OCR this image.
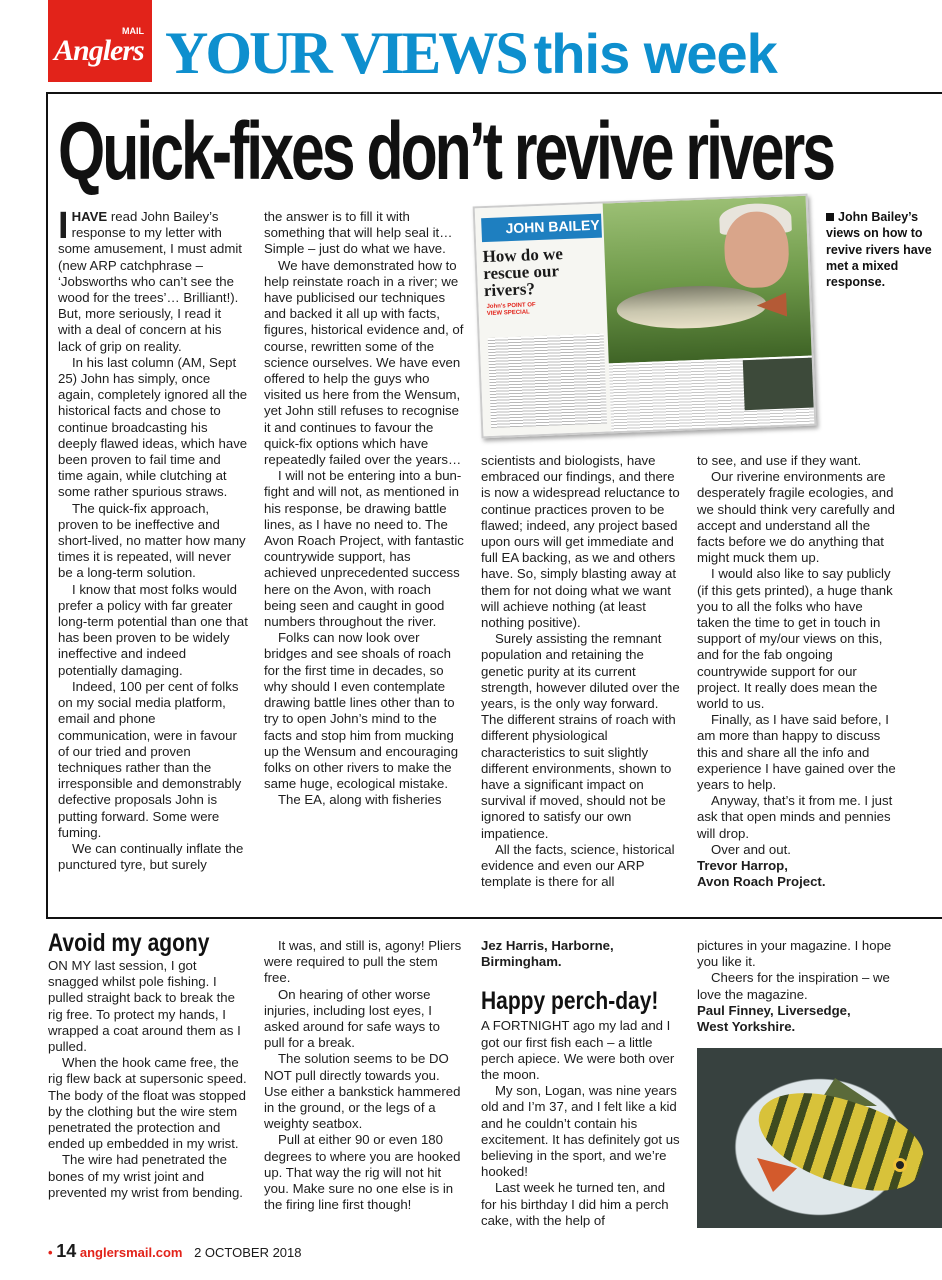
MAIL
Anglers YOUR VIEWS this week
Quick-fixes don’t revive rivers

IHAVE read John Bailey’s response to my letter with some amusement, I must admit (new ARP catchphrase – ‘Jobsworths who can’t see the wood for the trees’… Brilliant!). But, more seriously, I read it with a deal of concern at his lack of grip on reality.

In his last column (AM, Sept 25) John has simply, once again, completely ignored all the historical facts and chose to continue broadcasting his deeply flawed ideas, which have been proven to fail time and time again, while clutching at some rather spurious straws.

The quick-fix approach, proven to be ineffective and short-lived, no matter how many times it is repeated, will never be a long-term solution.

I know that most folks would prefer a policy with far greater long-term potential than one that has been proven to be widely ineffective and indeed potentially damaging.

Indeed, 100 per cent of folks on my social media platform, email and phone communication, were in favour of our tried and proven techniques rather than the irresponsible and demonstrably defective proposals John is putting forward. Some were fuming.

We can continually inflate the punctured tyre, but surely

the answer is to fill it with something that will help seal it… Simple – just do what we have.

We have demonstrated how to help reinstate roach in a river; we have publicised our techniques and backed it all up with facts, figures, historical evidence and, of course, rewritten some of the science ourselves. We have even offered to help the guys who visited us here from the Wensum, yet John still refuses to recognise it and continues to favour the quick-fix options which have repeatedly failed over the years…

I will not be entering into a bun-fight and will not, as mentioned in his response, be drawing battle lines, as I have no need to. The Avon Roach Project, with fantastic countrywide support, has achieved unprecedented success here on the Avon, with roach being seen and caught in good numbers throughout the river.

Folks can now look over bridges and see shoals of roach for the first time in decades, so why should I even contemplate drawing battle lines other than to try to open John’s mind to the facts and stop him from mucking up the Wensum and encouraging folks on other rivers to make the same huge, ecological mistake.

The EA, along with fisheries

JOHN BAILEY
How do we rescue our rivers?
John’s POINT OF VIEW SPECIAL
John Bailey’s views on how to revive rivers have met a mixed response.

scientists and biologists, have embraced our findings, and there is now a widespread reluctance to continue practices proven to be flawed; indeed, any project based upon ours will get immediate and full EA backing, as we and others have. So, simply blasting away at them for not doing what we want will achieve nothing (at least nothing positive).

Surely assisting the remnant population and retaining the genetic purity at its current strength, however diluted over the years, is the only way forward. The different strains of roach with different physiological characteristics to suit slightly different environments, shown to have a significant impact on survival if moved, should not be ignored to satisfy our own impatience.

All the facts, science, historical evidence and even our ARP template is there for all

to see, and use if they want.

Our riverine environments are desperately fragile ecologies, and we should think very carefully and accept and understand all the facts before we do anything that might muck them up.

I would also like to say publicly (if this gets printed), a huge thank you to all the folks who have taken the time to get in touch in support of my/our views on this, and for the fab ongoing countrywide support for our project. It really does mean the world to us.

Finally, as I have said before, I am more than happy to discuss this and share all the info and experience I have gained over the years to help.

Anyway, that’s it from me. I just ask that open minds and pennies will drop.

Over and out.

Trevor Harrop,

Avon Roach Project.

Avoid my agony

ON MY last session, I got snagged whilst pole fishing. I pulled straight back to break the rig free. To protect my hands, I wrapped a coat around them as I pulled.

When the hook came free, the rig flew back at supersonic speed. The body of the float was stopped by the clothing but the wire stem penetrated the protection and ended up embedded in my wrist.

The wire had penetrated the bones of my wrist joint and prevented my wrist from bending.

It was, and still is, agony! Pliers were required to pull the stem free.

On hearing of other worse injuries, including lost eyes, I asked around for safe ways to pull for a break.

The solution seems to be DO NOT pull directly towards you. Use either a bankstick hammered in the ground, or the legs of a weighty seatbox.

Pull at either 90 or even 180 degrees to where you are hooked up. That way the rig will not hit you. Make sure no one else is in the firing line first though!

Jez Harris, Harborne,

Birmingham.

Happy perch-day!

A FORTNIGHT ago my lad and I got our first fish each – a little perch apiece. We were both over the moon.

My son, Logan, was nine years old and I’m 37, and I felt like a kid and he couldn’t contain his excitement. It has definitely got us believing in the sport, and we’re hooked!

Last week he turned ten, and for his birthday I did him a perch cake, with the help of

pictures in your magazine. I hope you like it.

Cheers for the inspiration – we love the magazine.

Paul Finney, Liversedge,

West Yorkshire.

• 14 anglersmail.com 2 OCTOBER 2018
